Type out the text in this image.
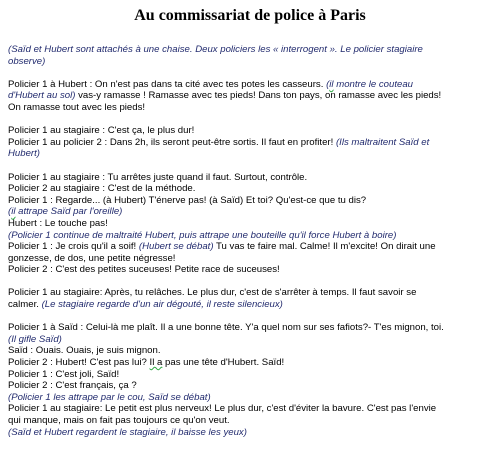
Au commissariat de police à Paris
(Saïd et Hubert sont attachés à une chaise. Deux policiers les « interrogent ». Le policier stagiaire
observe)
Policier 1 à Hubert : On n'est pas dans ta cité avec tes potes les casseurs. (il montre le couteau
d'Hubert au sol) vas-y ramasse ! Ramasse avec tes pieds! Dans ton pays, on ramasse avec les pieds!
On ramasse tout avec les pieds!
Policier 1 au stagiaire : C'est ça, le plus dur!
Policier 1 au policier 2 : Dans 2h, ils seront peut-être sortis. Il faut en profiter! (Ils maltraitent Saïd et
Hubert)
Policier 1 au stagiaire : Tu arrêtes juste quand il faut. Surtout, contrôle.
Policier 2 au stagiaire : C'est de la méthode.
Policier 1 : Regarde... (à Hubert) T'énerve pas! (à Saïd) Et toi? Qu'est-ce que tu dis?
(il attrape Saïd par l'oreille)
Hubert : Le touche pas!
(Policier 1 continue de maltraité Hubert, puis attrape une bouteille qu'il force Hubert à boire)
Policier 1 : Je crois qu'il a soif! (Hubert se débat) Tu vas te faire mal. Calme! Il m'excite! On dirait une
gonzesse, de dos, une petite négresse!
Policier 2 : C'est des petites suceuses! Petite race de suceuses!
Policier 1 au stagiaire: Après, tu relâches. Le plus dur, c'est de s'arrêter à temps. Il faut savoir se
calmer. (Le stagiaire regarde d'un air dégouté, il reste silencieux)
Policier 1 à Saïd : Celui-là me plaît. Il a une bonne tête. Y'a quel nom sur ses fafiots?- T'es mignon, toi.
(Il gifle Saïd)
Saïd : Ouais. Ouais, je suis mignon.
Policier 2 : Hubert! C'est pas lui? Il a pas une tête d'Hubert. Saïd!
Policier 1 : C'est joli, Saïd!
Policier 2 : C'est français, ça ?
(Policier 1 les attrape par le cou, Saïd se débat)
Policier 1 au stagiaire: Le petit est plus nerveux! Le plus dur, c'est d'éviter la bavure. C'est pas l'envie
qui manque, mais on fait pas toujours ce qu'on veut.
(Saïd et Hubert regardent le stagiaire, il baisse les yeux)
